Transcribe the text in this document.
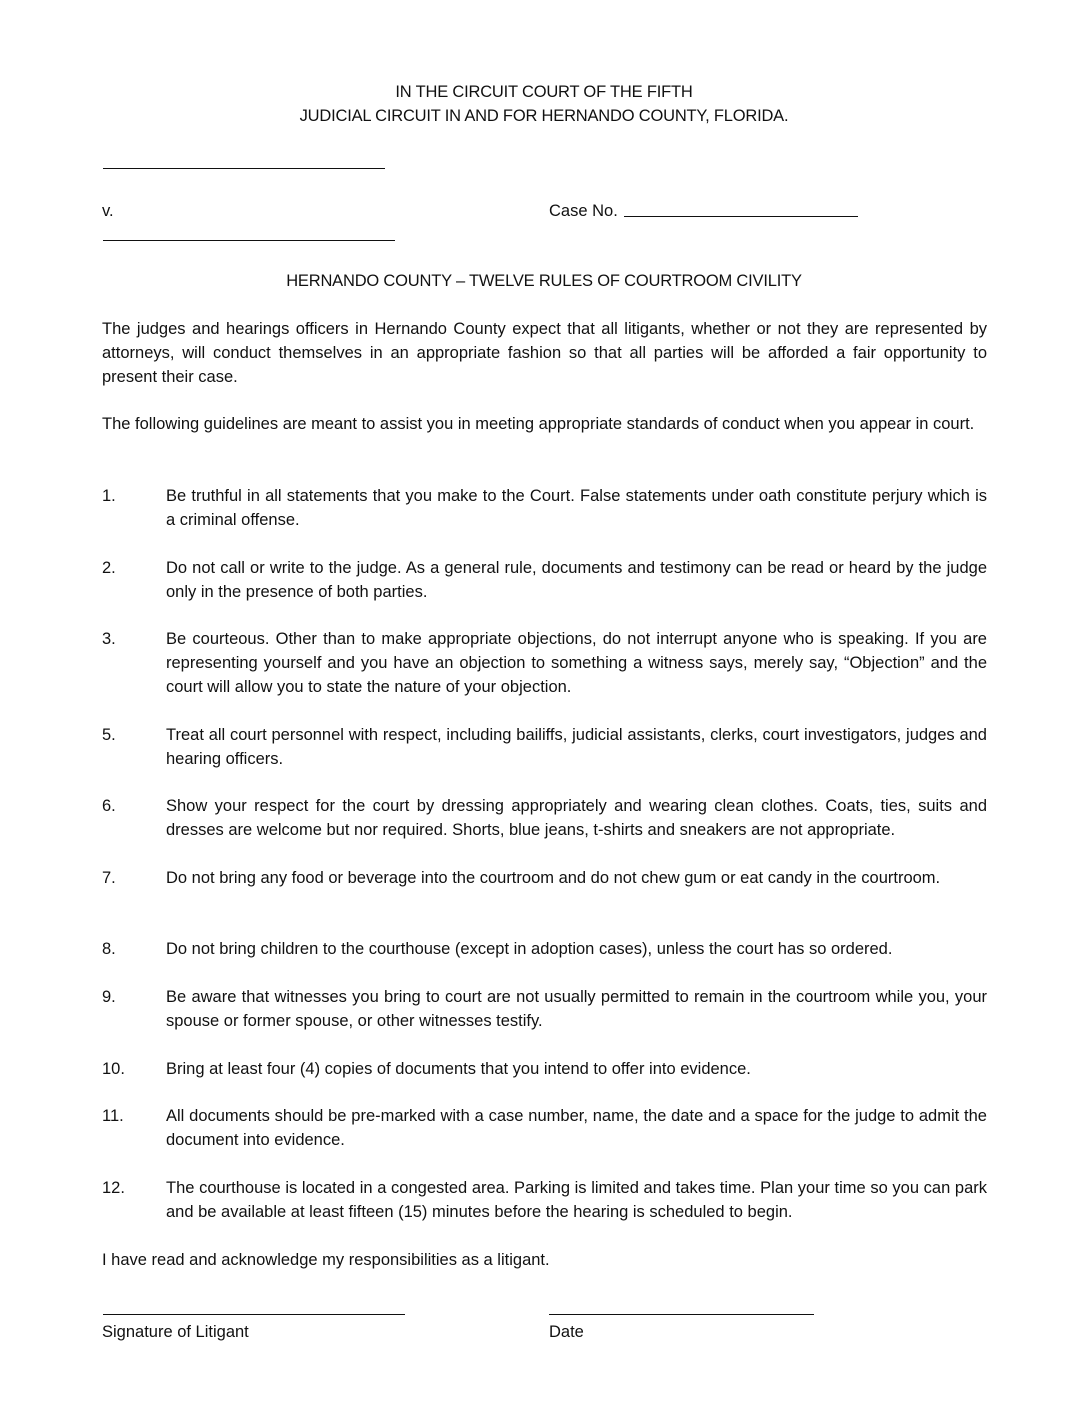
IN THE CIRCUIT COURT OF THE FIFTH
JUDICIAL CIRCUIT IN AND FOR HERNANDO COUNTY, FLORIDA.
v.	Case No.
HERNANDO COUNTY – TWELVE RULES OF COURTROOM CIVILITY
The judges and hearings officers in Hernando County expect that all litigants, whether or not they are represented by attorneys, will conduct themselves in an appropriate fashion so that all parties will be afforded a fair opportunity to present their case.
The following guidelines are meant to assist you in meeting appropriate standards of conduct when you appear in court.
1.	Be truthful in all statements that you make to the Court. False statements under oath constitute perjury which is a criminal offense.
2.	Do not call or write to the judge. As a general rule, documents and testimony can be read or heard by the judge only in the presence of both parties.
3.	Be courteous. Other than to make appropriate objections, do not interrupt anyone who is speaking. If you are representing yourself and you have an objection to something a witness says, merely say, “Objection” and the court will allow you to state the nature of your objection.
5.	Treat all court personnel with respect, including bailiffs, judicial assistants, clerks, court investigators, judges and hearing officers.
6.	Show your respect for the court by dressing appropriately and wearing clean clothes. Coats, ties, suits and dresses are welcome but nor required. Shorts, blue jeans, t-shirts and sneakers are not appropriate.
7.	Do not bring any food or beverage into the courtroom and do not chew gum or eat candy in the courtroom.
8.	Do not bring children to the courthouse (except in adoption cases), unless the court has so ordered.
9.	Be aware that witnesses you bring to court are not usually permitted to remain in the courtroom while you, your spouse or former spouse, or other witnesses testify.
10.	Bring at least four (4) copies of documents that you intend to offer into evidence.
11.	All documents should be pre-marked with a case number, name, the date and a space for the judge to admit the document into evidence.
12.	The courthouse is located in a congested area. Parking is limited and takes time. Plan your time so you can park and be available at least fifteen (15) minutes before the hearing is scheduled to begin.
I have read and acknowledge my responsibilities as a litigant.
Signature of Litigant	Date
